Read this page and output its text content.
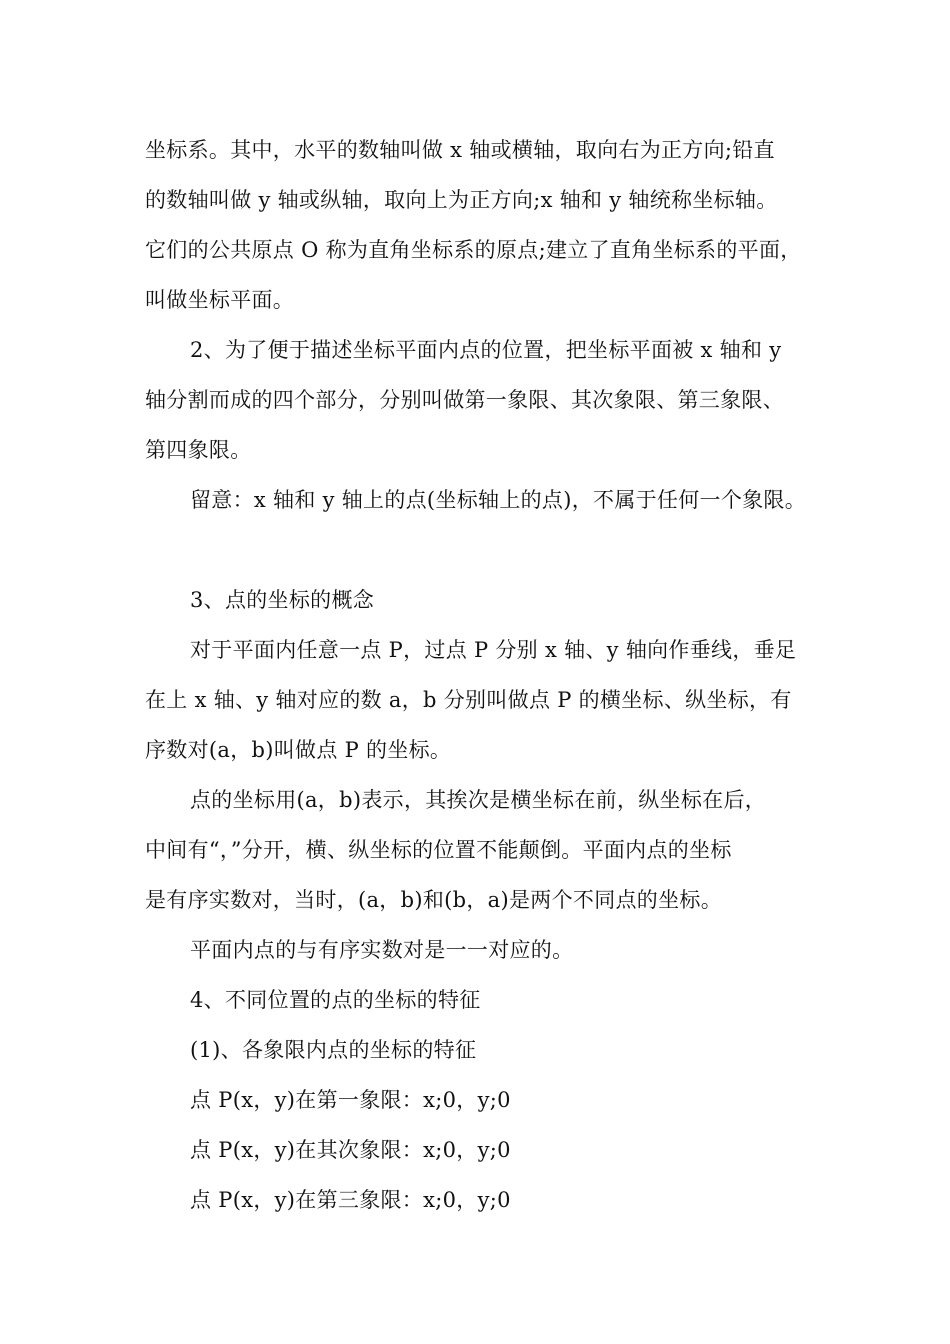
坐标系。其中，水平的数轴叫做 x 轴或横轴，取向右为正方向;铅直
的数轴叫做 y 轴或纵轴，取向上为正方向;x 轴和 y 轴统称坐标轴。
它们的公共原点 O 称为直角坐标系的原点;建立了直角坐标系的平面，
叫做坐标平面。
2、为了便于描述坐标平面内点的位置，把坐标平面被 x 轴和 y
轴分割而成的四个部分，分别叫做第一象限、其次象限、第三象限、
第四象限。
留意：x 轴和 y 轴上的点(坐标轴上的点)，不属于任何一个象限。
3、点的坐标的概念
对于平面内任意一点 P，过点 P 分别 x 轴、y 轴向作垂线，垂足
在上 x 轴、y 轴对应的数 a，b 分别叫做点 P 的横坐标、纵坐标，有
序数对(a，b)叫做点 P 的坐标。
点的坐标用(a，b)表示，其挨次是横坐标在前，纵坐标在后，
中间有“，”分开，横、纵坐标的位置不能颠倒。平面内点的坐标
是有序实数对，当时，(a，b)和(b，a)是两个不同点的坐标。
平面内点的与有序实数对是一一对应的。
4、不同位置的点的坐标的特征
(1)、各象限内点的坐标的特征
点 P(x，y)在第一象限：x;0，y;0
点 P(x，y)在其次象限：x;0，y;0
点 P(x，y)在第三象限：x;0，y;0
